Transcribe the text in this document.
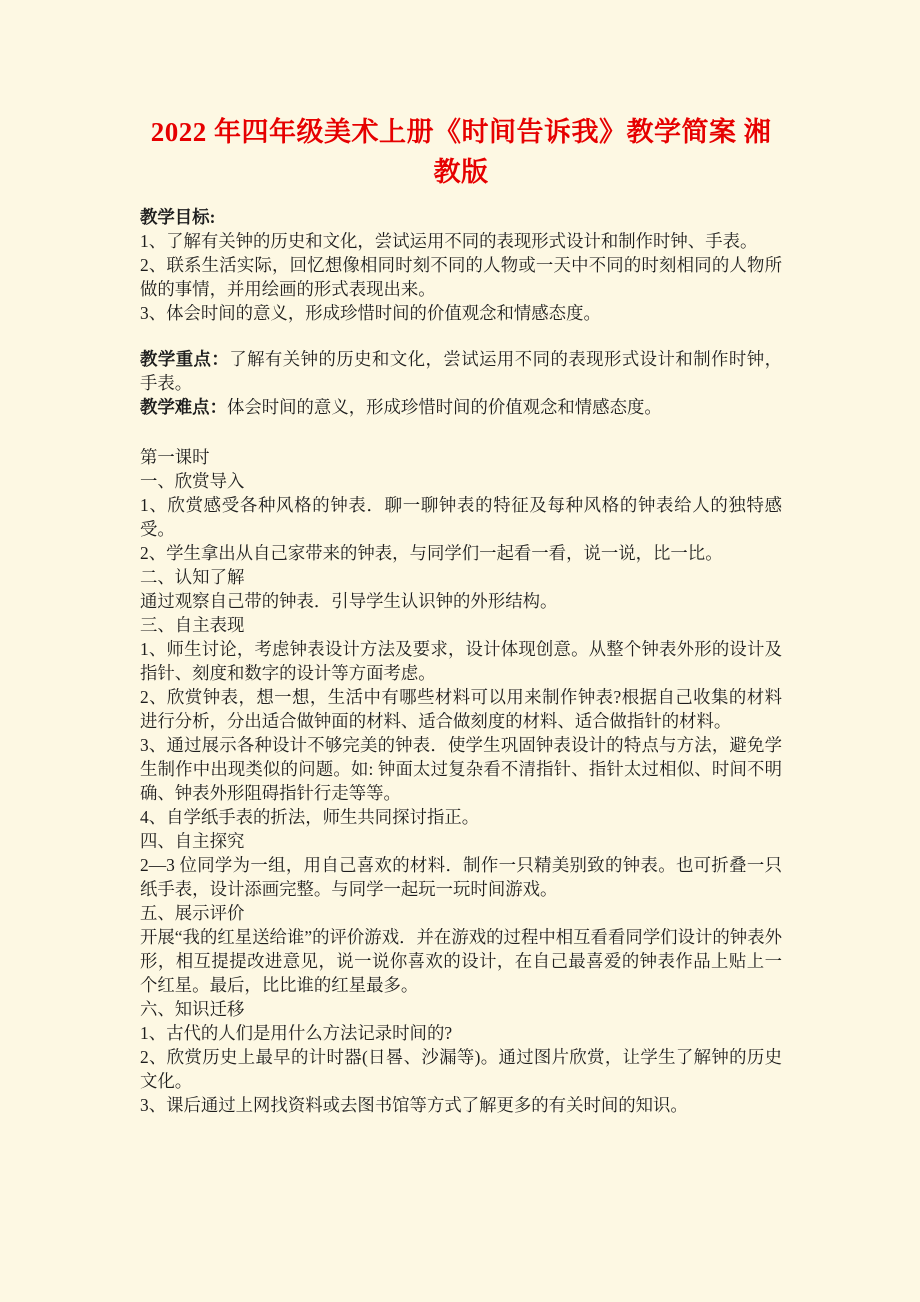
2022 年四年级美术上册《时间告诉我》教学简案 湘教版

教学目标:

1、了解有关钟的历史和文化，尝试运用不同的表现形式设计和制作时钟、手表。

2、联系生活实际，回忆想像相同时刻不同的人物或一天中不同的时刻相同的人物所做的事情，并用绘画的形式表现出来。

3、体会时间的意义，形成珍惜时间的价值观念和情感态度。

教学重点：了解有关钟的历史和文化，尝试运用不同的表现形式设计和制作时钟，手表。

教学难点：体会时间的意义，形成珍惜时间的价值观念和情感态度。

第一课时

一、欣赏导入

1、欣赏感受各种风格的钟表．聊一聊钟表的特征及每种风格的钟表给人的独特感受。

2、学生拿出从自己家带来的钟表，与同学们一起看一看，说一说，比一比。

二、认知了解

通过观察自己带的钟表．引导学生认识钟的外形结构。

三、自主表现

1、师生讨论，考虑钟表设计方法及要求，设计体现创意。从整个钟表外形的设计及指针、刻度和数字的设计等方面考虑。

2、欣赏钟表，想一想，生活中有哪些材料可以用来制作钟表?根据自己收集的材料进行分析，分出适合做钟面的材料、适合做刻度的材料、适合做指针的材料。

3、通过展示各种设计不够完美的钟表．使学生巩固钟表设计的特点与方法，避免学生制作中出现类似的问题。如: 钟面太过复杂看不清指针、指针太过相似、时间不明确、钟表外形阻碍指针行走等等。

4、自学纸手表的折法，师生共同探讨指正。

四、自主探究

2—3 位同学为一组，用自己喜欢的材料．制作一只精美别致的钟表。也可折叠一只纸手表，设计添画完整。与同学一起玩一玩时间游戏。

五、展示评价

开展“我的红星送给谁”的评价游戏．并在游戏的过程中相互看看同学们设计的钟表外形，相互提提改进意见，说一说你喜欢的设计，在自己最喜爱的钟表作品上贴上一个红星。最后，比比谁的红星最多。

六、知识迁移

1、古代的人们是用什么方法记录时间的?

2、欣赏历史上最早的计时器(日晷、沙漏等)。通过图片欣赏，让学生了解钟的历史文化。

3、课后通过上网找资料或去图书馆等方式了解更多的有关时间的知识。
